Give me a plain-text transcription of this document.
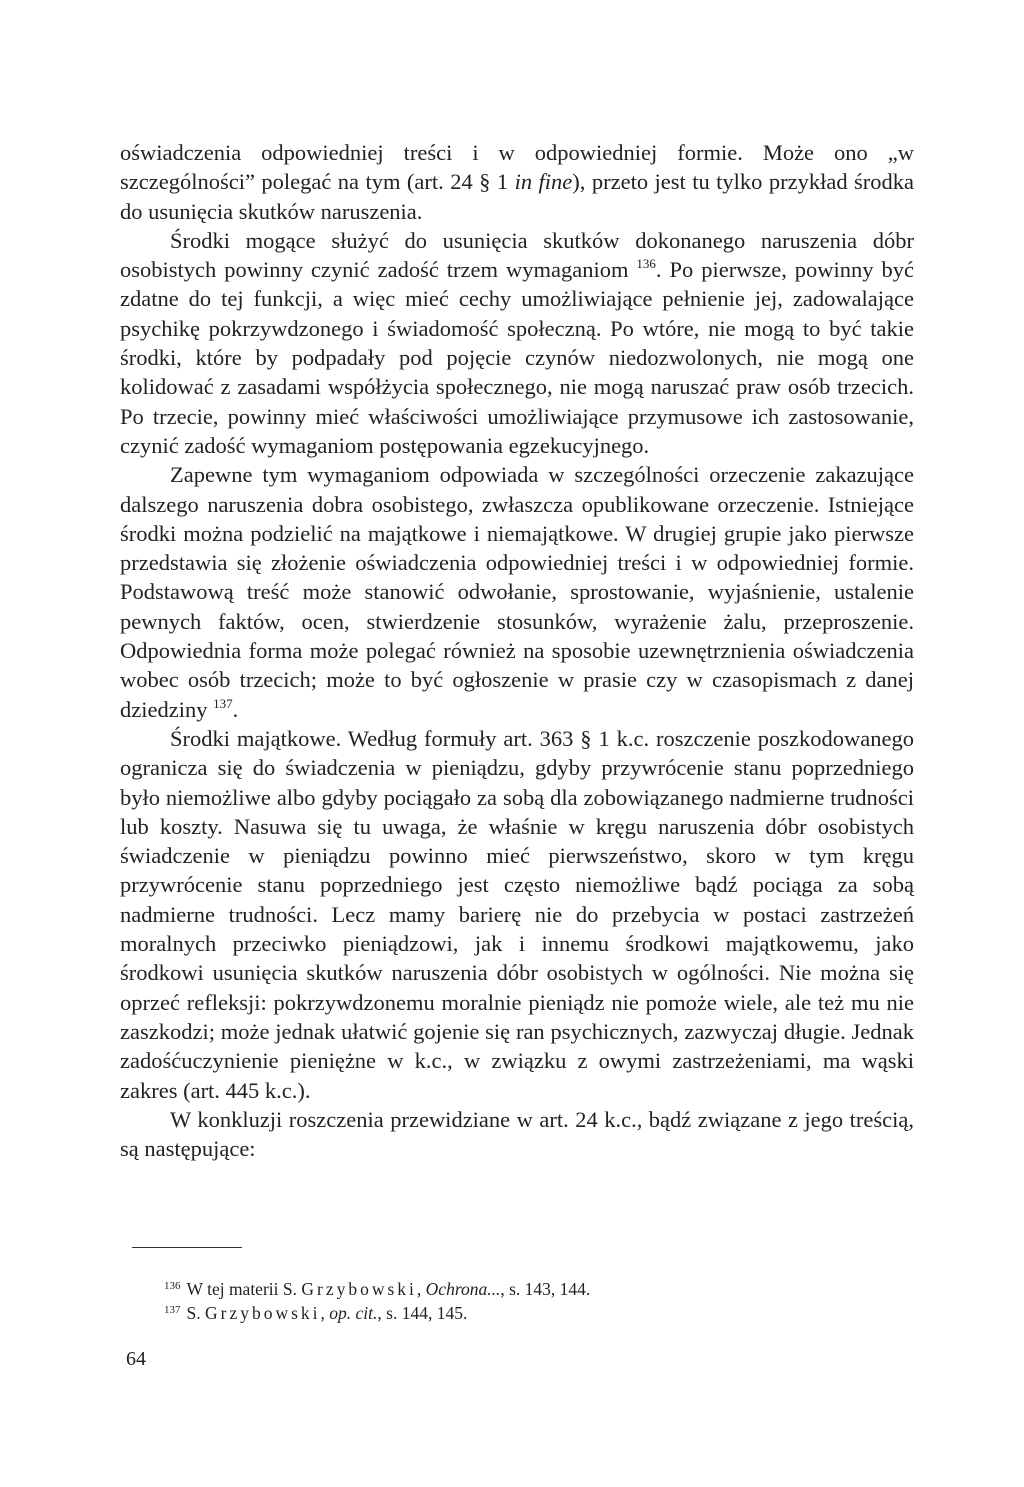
oświadczenia odpowiedniej treści i w odpowiedniej formie. Może ono „w szczególności” polegać na tym (art. 24 § 1 in fine), przeto jest tu tylko przykład środka do usunięcia skutków naruszenia.

Środki mogące służyć do usunięcia skutków dokonanego naruszenia dóbr osobistych powinny czynić zadość trzem wymaganiom $^{136}$. Po pierwsze, powinny być zdatne do tej funkcji, a więc mieć cechy umożliwiające pełnienie jej, zadowalające psychikę pokrzywdzonego i świadomość społeczną. Po wtóre, nie mogą to być takie środki, które by podpadały pod pojęcie czynów niedozwolonych, nie mogą one kolidować z zasadami współżycia społecznego, nie mogą naruszać praw osób trzecich. Po trzecie, powinny mieć właściwości umożliwiające przymusowe ich zastosowanie, czynić zadość wymaganiom postępowania egzekucyjnego.

Zapewne tym wymaganiom odpowiada w szczególności orzeczenie zakazujące dalszego naruszenia dobra osobistego, zwłaszcza opublikowane orzeczenie. Istniejące środki można podzielić na majątkowe i niemajątkowe. W drugiej grupie jako pierwsze przedstawia się złożenie oświadczenia odpowiedniej treści i w odpowiedniej formie. Podstawową treść może stanowić odwołanie, sprostowanie, wyjaśnienie, ustalenie pewnych faktów, ocen, stwierdzenie stosunków, wyrażenie żalu, przeproszenie. Odpowiednia forma może polegać również na sposobie uzewnętrznienia oświadczenia wobec osób trzecich; może to być ogłoszenie w prasie czy w czasopismach z danej dziedziny $^{137}$.

Środki majątkowe. Według formuły art. 363 § 1 k.c. roszczenie poszkodowanego ogranicza się do świadczenia w pieniądzu, gdyby przywrócenie stanu poprzedniego było niemożliwe albo gdyby pociągało za sobą dla zobowiązanego nadmierne trudności lub koszty. Nasuwa się tu uwaga, że właśnie w kręgu naruszenia dóbr osobistych świadczenie w pieniądzu powinno mieć pierwszeństwo, skoro w tym kręgu przywrócenie stanu poprzedniego jest często niemożliwe bądź pociąga za sobą nadmierne trudności. Lecz mamy barierę nie do przebycia w postaci zastrzeżeń moralnych przeciwko pieniądzowi, jak i innemu środkowi majątkowemu, jako środkowi usunięcia skutków naruszenia dóbr osobistych w ogólności. Nie można się oprzeć refleksji: pokrzywdzonemu moralnie pieniądz nie pomoże wiele, ale też mu nie zaszkodzi; może jednak ułatwić gojenie się ran psychicznych, zazwyczaj długie. Jednak zadośćuczynienie pieniężne w k.c., w związku z owymi zastrzeżeniami, ma wąski zakres (art. 445 k.c.).

W konkluzji roszczenia przewidziane w art. 24 k.c., bądź związane z jego treścią, są następujące:

$^{136}$ W tej materii S. Grzybowski, Ochrona..., s. 143, 144.
$^{137}$ S. Grzybowski, op. cit., s. 144, 145.
64
